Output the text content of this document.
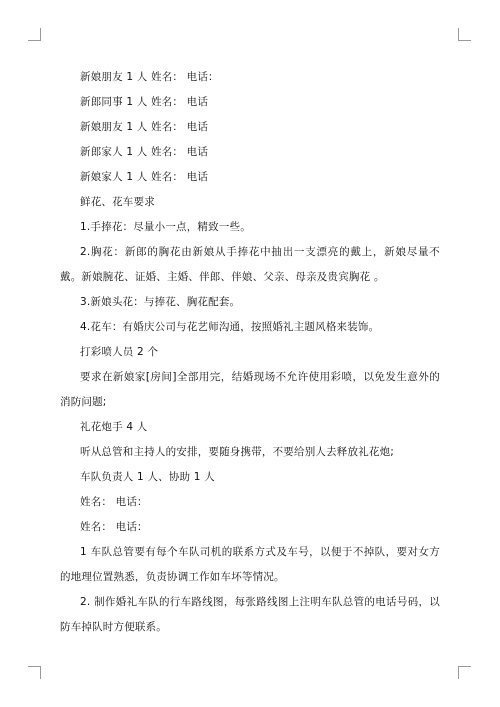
新娘朋友 1 人 姓名： 电话：
新郎同事 1 人 姓名： 电话
新娘朋友 1 人 姓名： 电话
新郎家人 1 人 姓名： 电话
新娘家人 1 人 姓名： 电话
鲜花、花车要求
1.手捧花：尽量小一点，精致一些。
2.胸花：新郎的胸花由新娘从手捧花中抽出一支漂亮的戴上，新娘尽量不戴。新娘腕花、证婚、主婚、伴郎、伴娘、父亲、母亲及贵宾胸花 。
3.新娘头花：与捧花、胸花配套。
4.花车：有婚庆公司与花艺师沟通，按照婚礼主题风格来装饰。
打彩喷人员 2 个
要求在新娘家[房间]全部用完，结婚现场不允许使用彩喷，以免发生意外的消防问题;
礼花炮手 4 人
听从总管和主持人的安排，要随身携带，不要给别人去释放礼花炮;
车队负责人 1 人、协助 1 人
姓名： 电话：
姓名： 电话：
1 车队总管要有每个车队司机的联系方式及车号，以便于不掉队，要对女方的地理位置熟悉，负责协调工作如车坏等情况。
2. 制作婚礼车队的行车路线图，每张路线图上注明车队总管的电话号码，以防车掉队时方便联系。
